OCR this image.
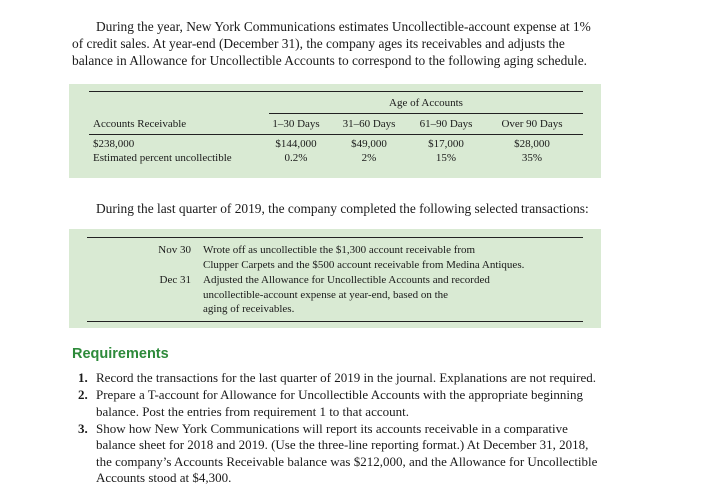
During the year, New York Communications estimates Uncollectible-account expense at 1% of credit sales. At year-end (December 31), the company ages its receivables and adjusts the balance in Allowance for Uncollectible Accounts to correspond to the following aging schedule.

Age of Accounts
Accounts Receivable	1–30 Days	31–60 Days	61–90 Days	Over 90 Days
$238,000	$144,000	$49,000	$17,000	$28,000
Estimated percent uncollectible	0.2%	2%	15%	35%

During the last quarter of 2019, the company completed the following selected transactions:

Nov 30 Wrote off as uncollectible the $1,300 account receivable from
Clupper Carpets and the $500 account receivable from Medina Antiques.
Dec 31 Adjusted the Allowance for Uncollectible Accounts and recorded
uncollectible-account expense at year-end, based on the
aging of receivables.
Requirements
1. Record the transactions for the last quarter of 2019 in the journal. Explanations are not required.
2. Prepare a T-account for Allowance for Uncollectible Accounts with the appropriate beginning balance. Post the entries from requirement 1 to that account.
3. Show how New York Communications will report its accounts receivable in a comparative balance sheet for 2018 and 2019. (Use the three-line reporting format.) At December 31, 2018, the company’s Accounts Receivable balance was $212,000, and the Allowance for Uncollectible Accounts stood at $4,300.
